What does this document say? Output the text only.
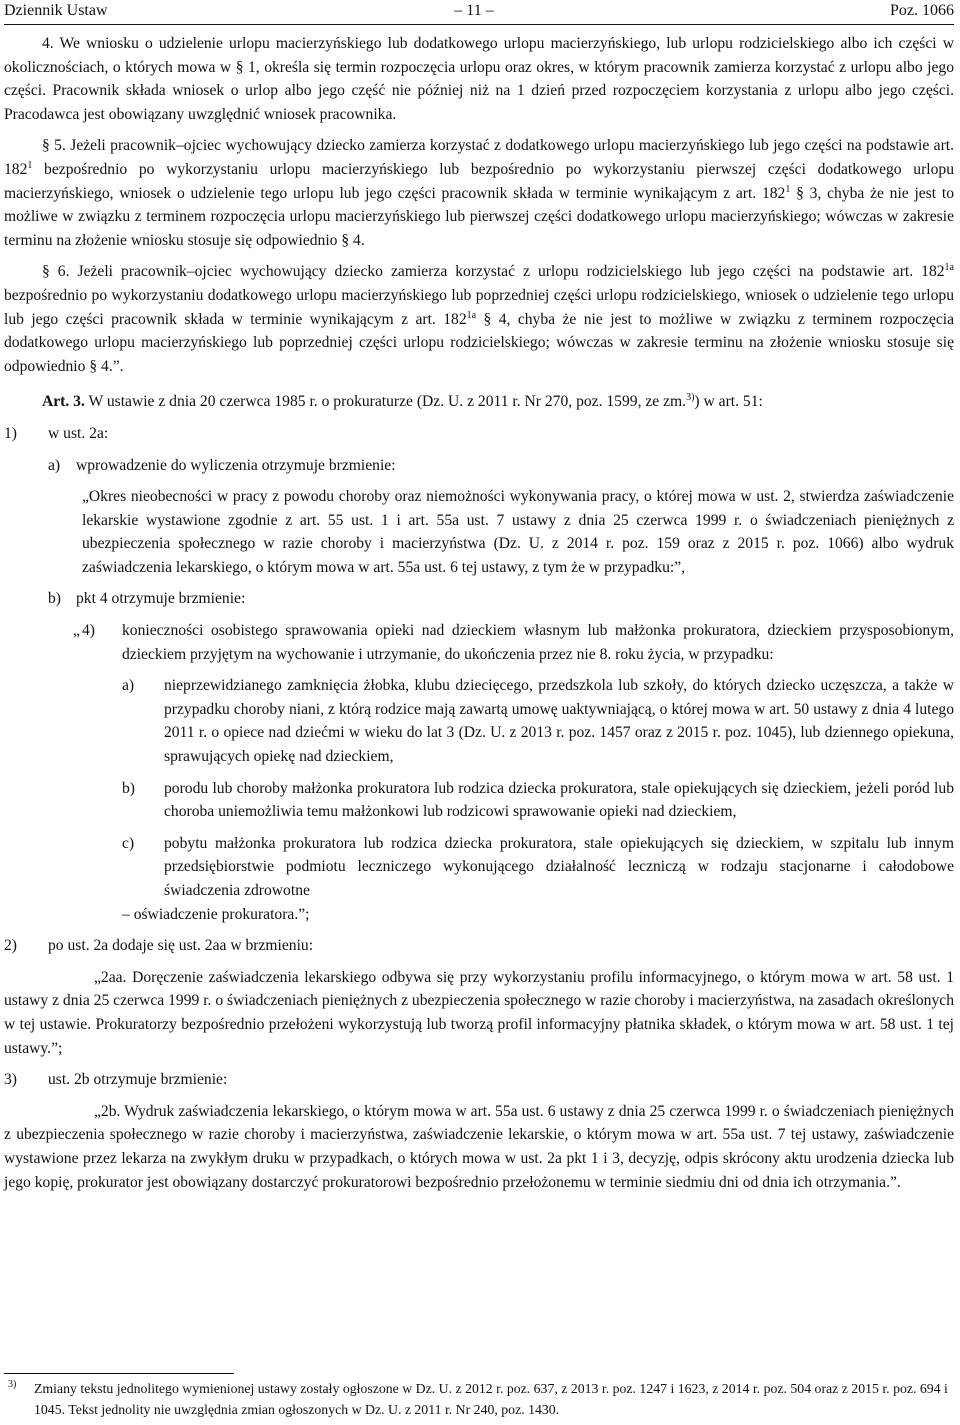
Dziennik Ustaw	– 11 –	Poz. 1066

4. We wniosku o udzielenie urlopu macierzyńskiego lub dodatkowego urlopu macierzyńskiego, lub urlopu rodzicielskiego albo ich części w okolicznościach, o których mowa w § 1, określa się termin rozpoczęcia urlopu oraz okres, w którym pracownik zamierza korzystać z urlopu albo jego części. Pracownik składa wniosek o urlop albo jego część nie później niż na 1 dzień przed rozpoczęciem korzystania z urlopu albo jego części. Pracodawca jest obowiązany uwzględnić wniosek pracownika.

§ 5. Jeżeli pracownik–ojciec wychowujący dziecko zamierza korzystać z dodatkowego urlopu macierzyńskiego lub jego części na podstawie art. $182^1$ bezpośrednio po wykorzystaniu urlopu macierzyńskiego lub bezpośrednio po wykorzystaniu pierwszej części dodatkowego urlopu macierzyńskiego, wniosek o udzielenie tego urlopu lub jego części pracownik składa w terminie wynikającym z art. $182^1$ § 3, chyba że nie jest to możliwe w związku z terminem rozpoczęcia urlopu macierzyńskiego lub pierwszej części dodatkowego urlopu macierzyńskiego; wówczas w zakresie terminu na złożenie wniosku stosuje się odpowiednio § 4.

§ 6. Jeżeli pracownik–ojciec wychowujący dziecko zamierza korzystać z urlopu rodzicielskiego lub jego części na podstawie art. $182^{1a}$ bezpośrednio po wykorzystaniu dodatkowego urlopu macierzyńskiego lub poprzedniej części urlopu rodzicielskiego, wniosek o udzielenie tego urlopu lub jego części pracownik składa w terminie wynikającym z art. $182^{1a}$ § 4, chyba że nie jest to możliwe w związku z terminem rozpoczęcia dodatkowego urlopu macierzyńskiego lub poprzedniej części urlopu rodzicielskiego; wówczas w zakresie terminu na złożenie wniosku stosuje się odpowiednio § 4.”.

Art. 3. W ustawie z dnia 20 czerwca 1985 r. o prokuraturze (Dz. U. z 2011 r. Nr 270, poz. 1599, ze zm.$^{3)}$) w art. 51:

1) w ust. 2a:
a) wprowadzenie do wyliczenia otrzymuje brzmienie:

„Okres nieobecności w pracy z powodu choroby oraz niemożności wykonywania pracy, o której mowa w ust. 2, stwierdza zaświadczenie lekarskie wystawione zgodnie z art. 55 ust. 1 i art. 55a ust. 7 ustawy z dnia 25 czerwca 1999 r. o świadczeniach pieniężnych z ubezpieczenia społecznego w razie choroby i macierzyństwa (Dz. U. z 2014 r. poz. 159 oraz z 2015 r. poz. 1066) albo wydruk zaświadczenia lekarskiego, o którym mowa w art. 55a ust. 6 tej ustawy, z tym że w przypadku:”,

b) pkt 4 otrzymuje brzmienie:
„ 4) konieczności osobistego sprawowania opieki nad dzieckiem własnym lub małżonka prokuratora, dzieckiem przysposobionym, dzieckiem przyjętym na wychowanie i utrzymanie, do ukończenia przez nie 8. roku życia, w przypadku:

a) nieprzewidzianego zamknięcia żłobka, klubu dziecięcego, przedszkola lub szkoły, do których dziecko uczęszcza, a także w przypadku choroby niani, z którą rodzice mają zawartą umowę uaktywniającą, o której mowa w art. 50 ustawy z dnia 4 lutego 2011 r. o opiece nad dziećmi w wieku do lat 3 (Dz. U. z 2013 r. poz. 1457 oraz z 2015 r. poz. 1045), lub dziennego opiekuna, sprawujących opiekę nad dzieckiem,

b) porodu lub choroby małżonka prokuratora lub rodzica dziecka prokuratora, stale opiekujących się dzieckiem, jeżeli poród lub choroba uniemożliwia temu małżonkowi lub rodzicowi sprawowanie opieki nad dzieckiem,

c) pobytu małżonka prokuratora lub rodzica dziecka prokuratora, stale opiekujących się dzieckiem, w szpitalu lub innym przedsiębiorstwie podmiotu leczniczego wykonującego działalność leczniczą w rodzaju stacjonarne i całodobowe świadczenia zdrowotne

– oświadczenie prokuratora.”;

2) po ust. 2a dodaje się ust. 2aa w brzmieniu:

„2aa. Doręczenie zaświadczenia lekarskiego odbywa się przy wykorzystaniu profilu informacyjnego, o którym mowa w art. 58 ust. 1 ustawy z dnia 25 czerwca 1999 r. o świadczeniach pieniężnych z ubezpieczenia społecznego w razie choroby i macierzyństwa, na zasadach określonych w tej ustawie. Prokuratorzy bezpośrednio przełożeni wykorzystują lub tworzą profil informacyjny płatnika składek, o którym mowa w art. 58 ust. 1 tej ustawy.”;

3) ust. 2b otrzymuje brzmienie:

„2b. Wydruk zaświadczenia lekarskiego, o którym mowa w art. 55a ust. 6 ustawy z dnia 25 czerwca 1999 r. o świadczeniach pieniężnych z ubezpieczenia społecznego w razie choroby i macierzyństwa, zaświadczenie lekarskie, o którym mowa w art. 55a ust. 7 tej ustawy, zaświadczenie wystawione przez lekarza na zwykłym druku w przypadkach, o których mowa w ust. 2a pkt 1 i 3, decyzję, odpis skrócony aktu urodzenia dziecka lub jego kopię, prokurator jest obowiązany dostarczyć prokuratorowi bezpośrednio przełożonemu w terminie siedmiu dni od dnia ich otrzymania.”.

3) Zmiany tekstu jednolitego wymienionej ustawy zostały ogłoszone w Dz. U. z 2012 r. poz. 637, z 2013 r. poz. 1247 i 1623, z 2014 r. poz. 504 oraz z 2015 r. poz. 694 i 1045. Tekst jednolity nie uwzględnia zmian ogłoszonych w Dz. U. z 2011 r. Nr 240, poz. 1430.
